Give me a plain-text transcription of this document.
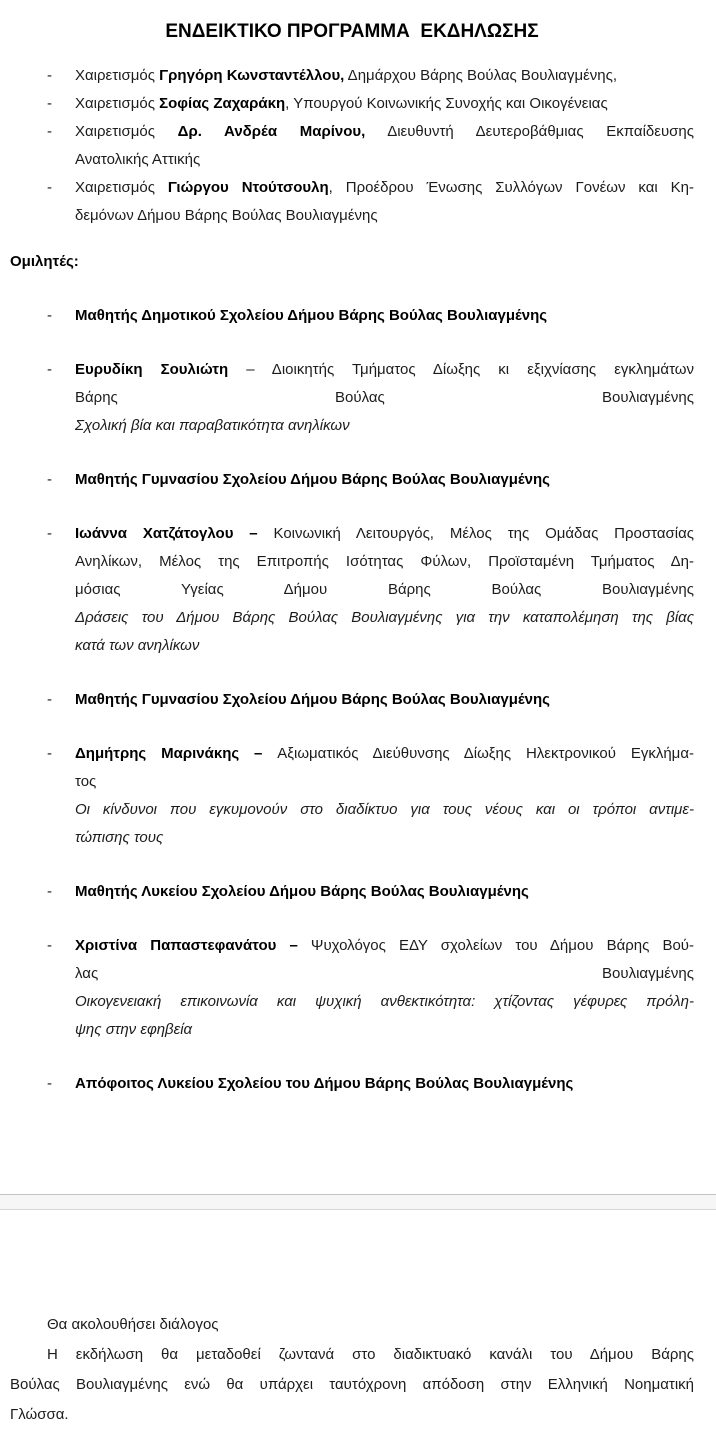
ΕΝΔΕΙΚΤΙΚΟ ΠΡΟΓΡΑΜΜΑ  ΕΚΔΗΛΩΣΗΣ
-	Χαιρετισμός Γρηγόρη Κωνσταντέλλου, Δημάρχου Βάρης Βούλας Βουλιαγμένης,
-	Χαιρετισμός Σοφίας Ζαχαράκη, Υπουργού Κοινωνικής Συνοχής και Οικογένειας
-	Χαιρετισμός Δρ. Ανδρέα Μαρίνου, Διευθυντή Δευτεροβάθμιας Εκπαίδευσης
Ανατολικής Αττικής
-	Χαιρετισμός Γιώργου Ντούτσουλη, Προέδρου Ένωσης Συλλόγων Γονέων και Κη-
δεμόνων Δήμου Βάρης Βούλας Βουλιαγμένης
Ομιλητές:
-	Μαθητής Δημοτικού Σχολείου Δήμου Βάρης Βούλας Βουλιαγμένης
-	Ευρυδίκη Σουλιώτη – Διοικητής Τμήματος Δίωξης κι εξιχνίασης εγκλημάτων
Βάρης Βούλας Βουλιαγμένης
Σχολική βία και παραβατικότητα ανηλίκων
-	Μαθητής Γυμνασίου Σχολείου Δήμου Βάρης Βούλας Βουλιαγμένης
-	Ιωάννα Χατζάτογλου – Κοινωνική Λειτουργός, Μέλος της Ομάδας Προστασίας
Ανηλίκων, Μέλος της Επιτροπής Ισότητας Φύλων, Προϊσταμένη Τμήματος Δη-
μόσιας Υγείας Δήμου Βάρης Βούλας Βουλιαγμένης
Δράσεις του Δήμου Βάρης Βούλας Βουλιαγμένης για την καταπολέμηση της βίας
κατά των ανηλίκων
-	Μαθητής Γυμνασίου Σχολείου Δήμου Βάρης Βούλας Βουλιαγμένης
-	Δημήτρης Μαρινάκης – Αξιωματικός Διεύθυνσης Δίωξης Ηλεκτρονικού Εγκλήμα-
τος
Οι κίνδυνοι που εγκυμονούν στο διαδίκτυο για τους νέους και οι τρόποι αντιμε-
τώπισης τους
-	Μαθητής Λυκείου Σχολείου Δήμου Βάρης Βούλας Βουλιαγμένης
-	Χριστίνα Παπαστεφανάτου – Ψυχολόγος ΕΔΥ σχολείων του Δήμου Βάρης Βού-
λας Βουλιαγμένης
Οικογενειακή επικοινωνία και ψυχική ανθεκτικότητα: χτίζοντας γέφυρες πρόλη-
ψης στην εφηβεία
-	Απόφοιτος Λυκείου Σχολείου του Δήμου Βάρης Βούλας Βουλιαγμένης
Θα ακολουθήσει διάλογος
Η εκδήλωση θα μεταδοθεί ζωντανά στο διαδικτυακό κανάλι του Δήμου Βάρης
Βούλας Βουλιαγμένης ενώ θα υπάρχει ταυτόχρονη απόδοση στην Ελληνική Νοηματική
Γλώσσα.
